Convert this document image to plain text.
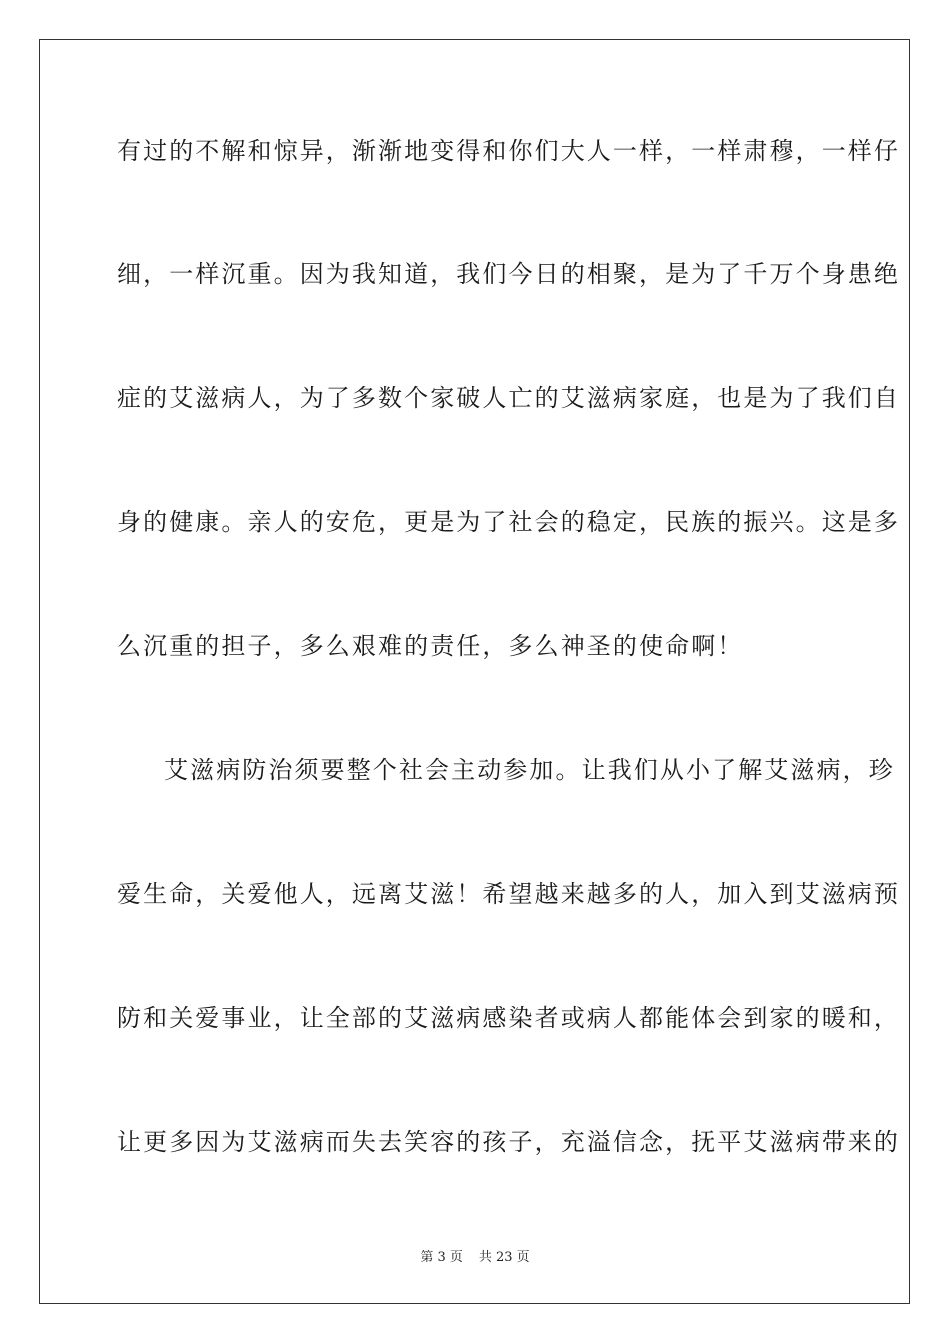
有过的不解和惊异，渐渐地变得和你们大人一样，一样肃穆，一样仔
细，一样沉重。因为我知道，我们今日的相聚，是为了千万个身患绝
症的艾滋病人，为了多数个家破人亡的艾滋病家庭，也是为了我们自
身的健康。亲人的安危，更是为了社会的稳定，民族的振兴。这是多
么沉重的担子，多么艰难的责任，多么神圣的使命啊！
艾滋病防治须要整个社会主动参加。让我们从小了解艾滋病，珍
爱生命，关爱他人，远离艾滋！希望越来越多的人，加入到艾滋病预
防和关爱事业，让全部的艾滋病感染者或病人都能体会到家的暖和，
让更多因为艾滋病而失去笑容的孩子，充溢信念，抚平艾滋病带来的
第 3 页 共 23 页
